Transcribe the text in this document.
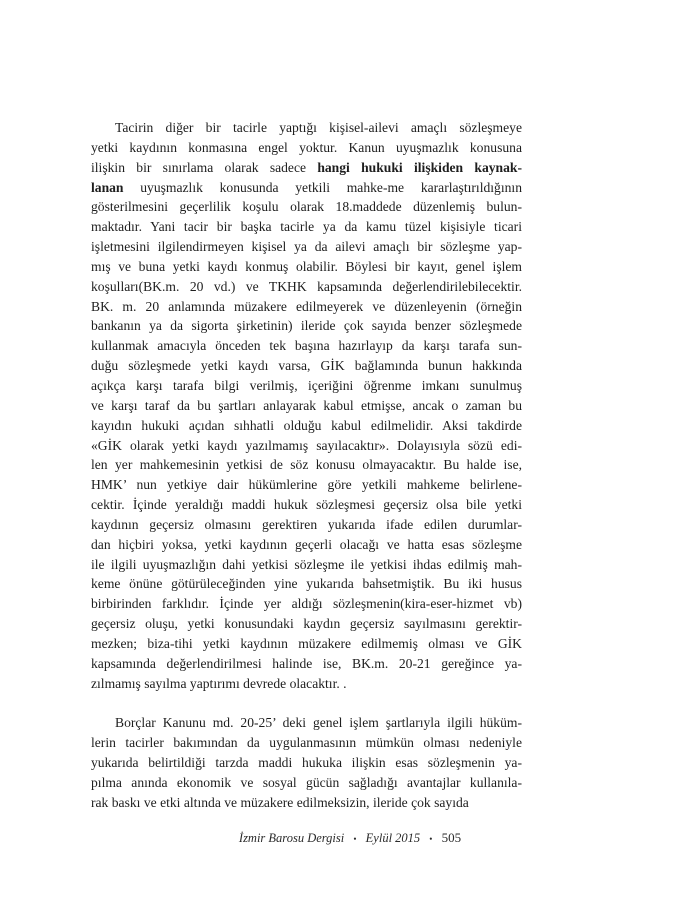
Tacirin diğer bir tacirle yaptığı kişisel-ailevi amaçlı sözleşmeye
yetki kaydının konmasına engel yoktur. Kanun uyuşmazlık konusuna
ilişkin bir sınırlama olarak sadece hangi hukuki ilişkiden kaynak-
lanan uyuşmazlık konusunda yetkili mahke-me kararlaştırıldığının
gösterilmesini geçerlilik koşulu olarak 18.maddede düzenlemiş bulun-
maktadır. Yani tacir bir başka tacirle ya da kamu tüzel kişisiyle ticari
işletmesini ilgilendirmeyen kişisel ya da ailevi amaçlı bir sözleşme yap-
mış ve buna yetki kaydı konmuş olabilir. Böylesi bir kayıt, genel işlem
koşulları(BK.m. 20 vd.) ve TKHK kapsamında değerlendirilebilecektir.
BK. m. 20 anlamında müzakere edilmeyerek ve düzenleyenin (örneğin
bankanın ya da sigorta şirketinin) ileride çok sayıda benzer sözleşmede
kullanmak amacıyla önceden tek başına hazırlayıp da karşı tarafa sun-
duğu sözleşmede yetki kaydı varsa, GİK bağlamında bunun hakkında
açıkça karşı tarafa bilgi verilmiş, içeriğini öğrenme imkanı sunulmuş
ve karşı taraf da bu şartları anlayarak kabul etmişse, ancak o zaman bu
kayıdın hukuki açıdan sıhhatli olduğu kabul edilmelidir. Aksi takdirde
«GİK olarak yetki kaydı yazılmamış sayılacaktır». Dolayısıyla sözü edi-
len yer mahkemesinin yetkisi de söz konusu olmayacaktır. Bu halde ise,
HMK’ nun yetkiye dair hükümlerine göre yetkili mahkeme belirlene-
cektir. İçinde yeraldığı maddi hukuk sözleşmesi geçersiz olsa bile yetki
kaydının geçersiz olmasını gerektiren yukarıda ifade edilen durumlar-
dan hiçbiri yoksa, yetki kaydının geçerli olacağı ve hatta esas sözleşme
ile ilgili uyuşmazlığın dahi yetkisi sözleşme ile yetkisi ihdas edilmiş mah-
keme önüne götürüleceğinden yine yukarıda bahsetmiştik. Bu iki husus
birbirinden farklıdır. İçinde yer aldığı sözleşmenin(kira-eser-hizmet vb)
geçersiz oluşu, yetki konusundaki kaydın geçersiz sayılmasını gerektir-
mezken; biza-tihi yetki kaydının müzakere edilmemiş olması ve GİK
kapsamında değerlendirilmesi halinde ise, BK.m. 20-21 gereğince ya-
zılmamış sayılma yaptırımı devrede olacaktır. .
Borçlar Kanunu md. 20-25’ deki genel işlem şartlarıyla ilgili hüküm-
lerin tacirler bakımından da uygulanmasının mümkün olması nedeniyle
yukarıda belirtildiği tarzda maddi hukuka ilişkin esas sözleşmenin ya-
pılma anında ekonomik ve sosyal gücün sağladığı avantajlar kullanıla-
rak baskı ve etki altında ve müzakere edilmeksizin, ileride çok sayıda
İzmir Barosu Dergisi • Eylül 2015 • 505
